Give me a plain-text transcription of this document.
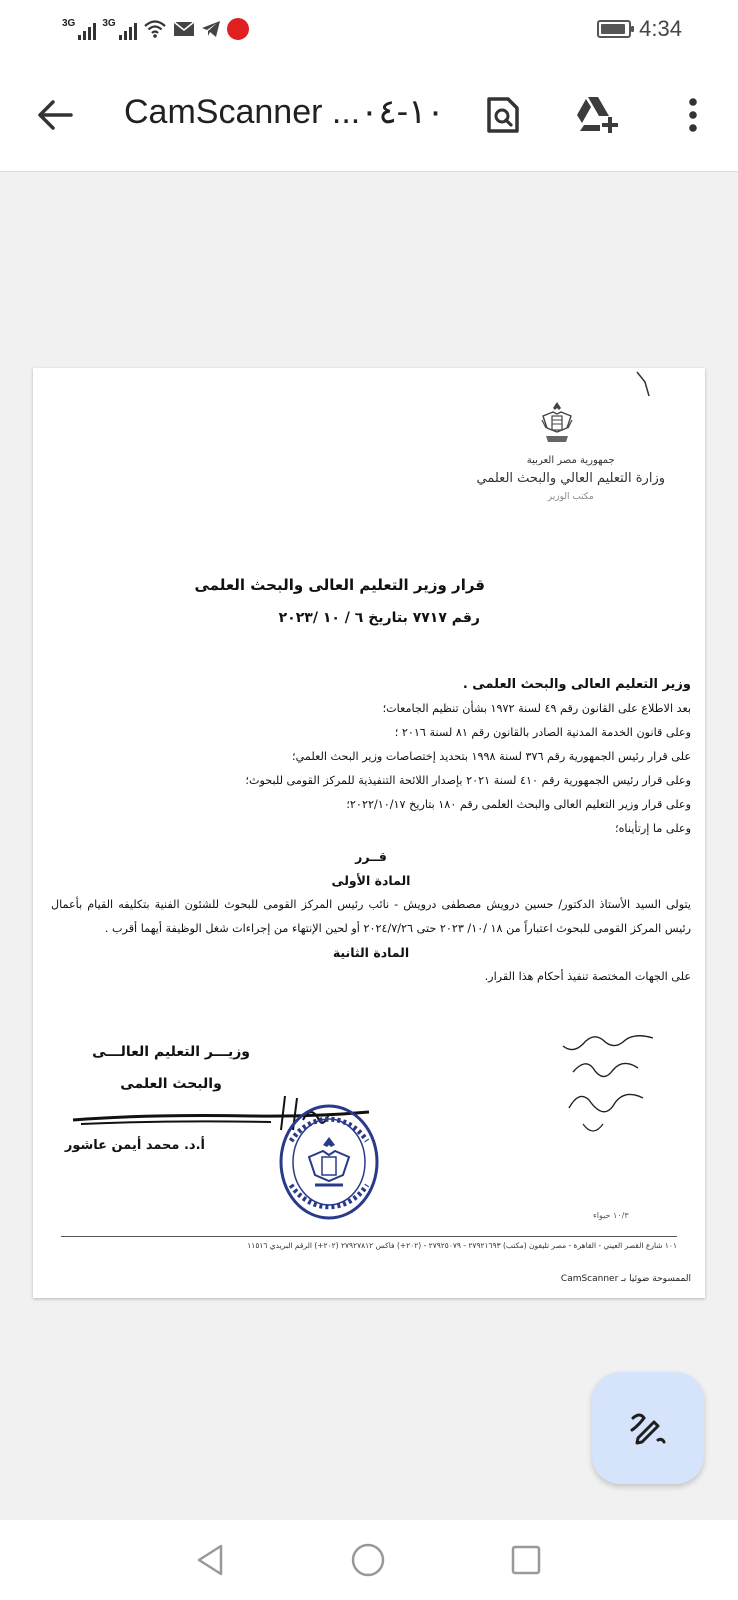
3G	3G	4:34
CamScanner ...١٠-٠٤
جمهورية مصر العربية
وزارة التعليم العالي والبحث العلمي
مكتب الوزير
قرار وزير التعليم العالى والبحث العلمى
رقم ٧٧١٧ بتاريخ ٦ / ١٠ /٢٠٢٣
وزير التعليم العالى والبحث العلمى .
بعد الاطلاع على القانون رقم ٤٩ لسنة ١٩٧٢ بشأن تنظيم الجامعات؛
وعلى قانون الخدمة المدنية الصادر بالقانون رقم ٨١ لسنة ٢٠١٦ ؛
على قرار رئيس الجمهورية رقم ٣٧٦ لسنة ١٩٩٨ بتحديد إختصاصات وزير البحث العلمي؛
وعلى قرار رئيس الجمهورية رقم ٤١٠ لسنة ٢٠٢١ بإصدار اللائحة التنفيذية للمركز القومى للبحوث؛
وعلى قرار وزير التعليم العالى والبحث العلمى رقم ١٨٠ بتاريخ ٢٠٢٢/١٠/١٧؛
وعلى ما إرتأيناه؛
قــرر
المادة الأولى
يتولى السيد الأستاذ الدكتور/ حسين درويش مصطفى درويش - نائب رئيس المركز القومى للبحوث للشئون الفنية بتكليفه القيام بأعمال رئيس المركز القومى للبحوث اعتباراً من ١٨ /١٠/ ٢٠٢٣ حتى ٢٠٢٤/٧/٢٦ أو لحين الإنتهاء من إجراءات شغل الوظيفة أيهما أقرب .
المادة الثانية
على الجهات المختصة تنفيذ أحكام هذا القرار.
وزيـــر التعليم العالـــى
والبحث العلمى
أ.د. محمد أيمن عاشور
١٠/٣ حيواء
١٠١ شارع القصر العيني - القاهرة - مصر تليفون (مكتب) ٢٧٩٢١٦٩٣ - ٢٧٩٢٥٠٧٩ - (٢٠٢+) فاكس ٢٧٩٢٧٨١٢ (٢٠٢+) الرقم البريدي ١١٥١٦
الممسوحة ضوئيا بـ CamScanner
